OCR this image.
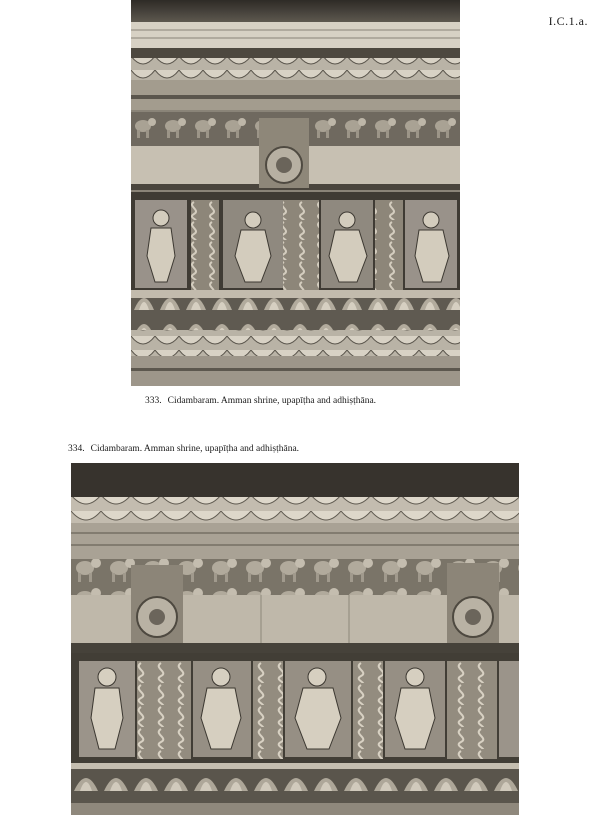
I.C.1.a.
333. Cidambaram. Amman shrine, upapīṭha and adhiṣṭhāna.
334. Cidambaram. Amman shrine, upapīṭha and adhiṣṭhāna.
